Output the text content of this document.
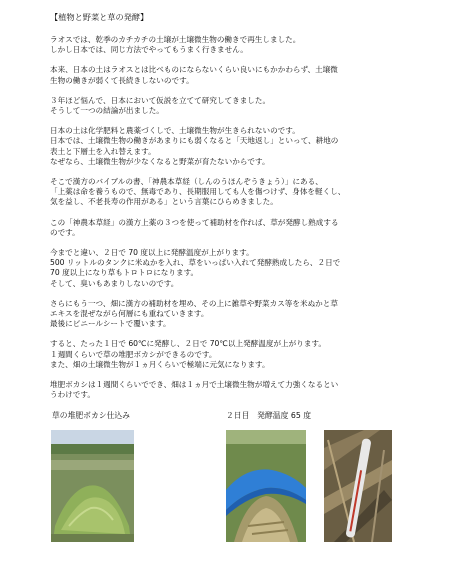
【植物と野菜と草の発酵】

ラオスでは、乾季のカチカチの土壌が土壌微生物の働きで再生しました。

しかし日本では、同じ方法でやってもうまく行きません。

本来、日本の土はラオスとは比べものにならないくらい良いにもかかわらず、土壌微

生物の働きが弱くて長続きしないのです。

３年ほど悩んで、日本において仮説を立てて研究してきました。

そうして一つの結論が出ました。

日本の土は化学肥料と農薬づくしで、土壌微生物が生きられないのです。

日本では、土壌微生物の働きがあまりにも弱くなると「天地返し」といって、耕地の

表土と下層土を入れ替えます。

なぜなら、土壌微生物が少なくなると野菜が育たないからです。

そこで漢方のバイブルの書、「神農本草経（しんのうほんぞうきょう）」にある、

「上薬は命を養うもので、無毒であり、長期服用しても人を傷つけず、身体を軽くし、

気を益し、不老長寿の作用がある」という言葉にひらめきました。

この「神農本草経」の漢方上薬の３つを使って補助材を作れば、草が発酵し熟成する

のです。

今までと違い、２日で 70 度以上に発酵温度が上がります。

500 リットルのタンクに米ぬかを入れ、草をいっぱい入れて発酵熟成したら、２日で

70 度以上になり草もトロトロになります。

そして、臭いもあまりしないのです。

さらにもう一つ、畑に漢方の補助材を埋め、その上に雑草や野菜カス等を米ぬかと草

エキスを混ぜながら何層にも重ねていきます。

最後にビニールシートで覆います。

すると、たった１日で 60℃に発酵し、２日で 70℃以上発酵温度が上がります。

１週間くらいで草の堆肥ボカシができるのです。

また、畑の土壌微生物が１ヵ月くらいで極端に元気になります。

堆肥ボカシは１週間くらいででき、畑は１ヵ月で土壌微生物が増えて力強くなるとい

うわけです。

草の堆肥ボカシ仕込み	２日目　発酵温度 65 度
